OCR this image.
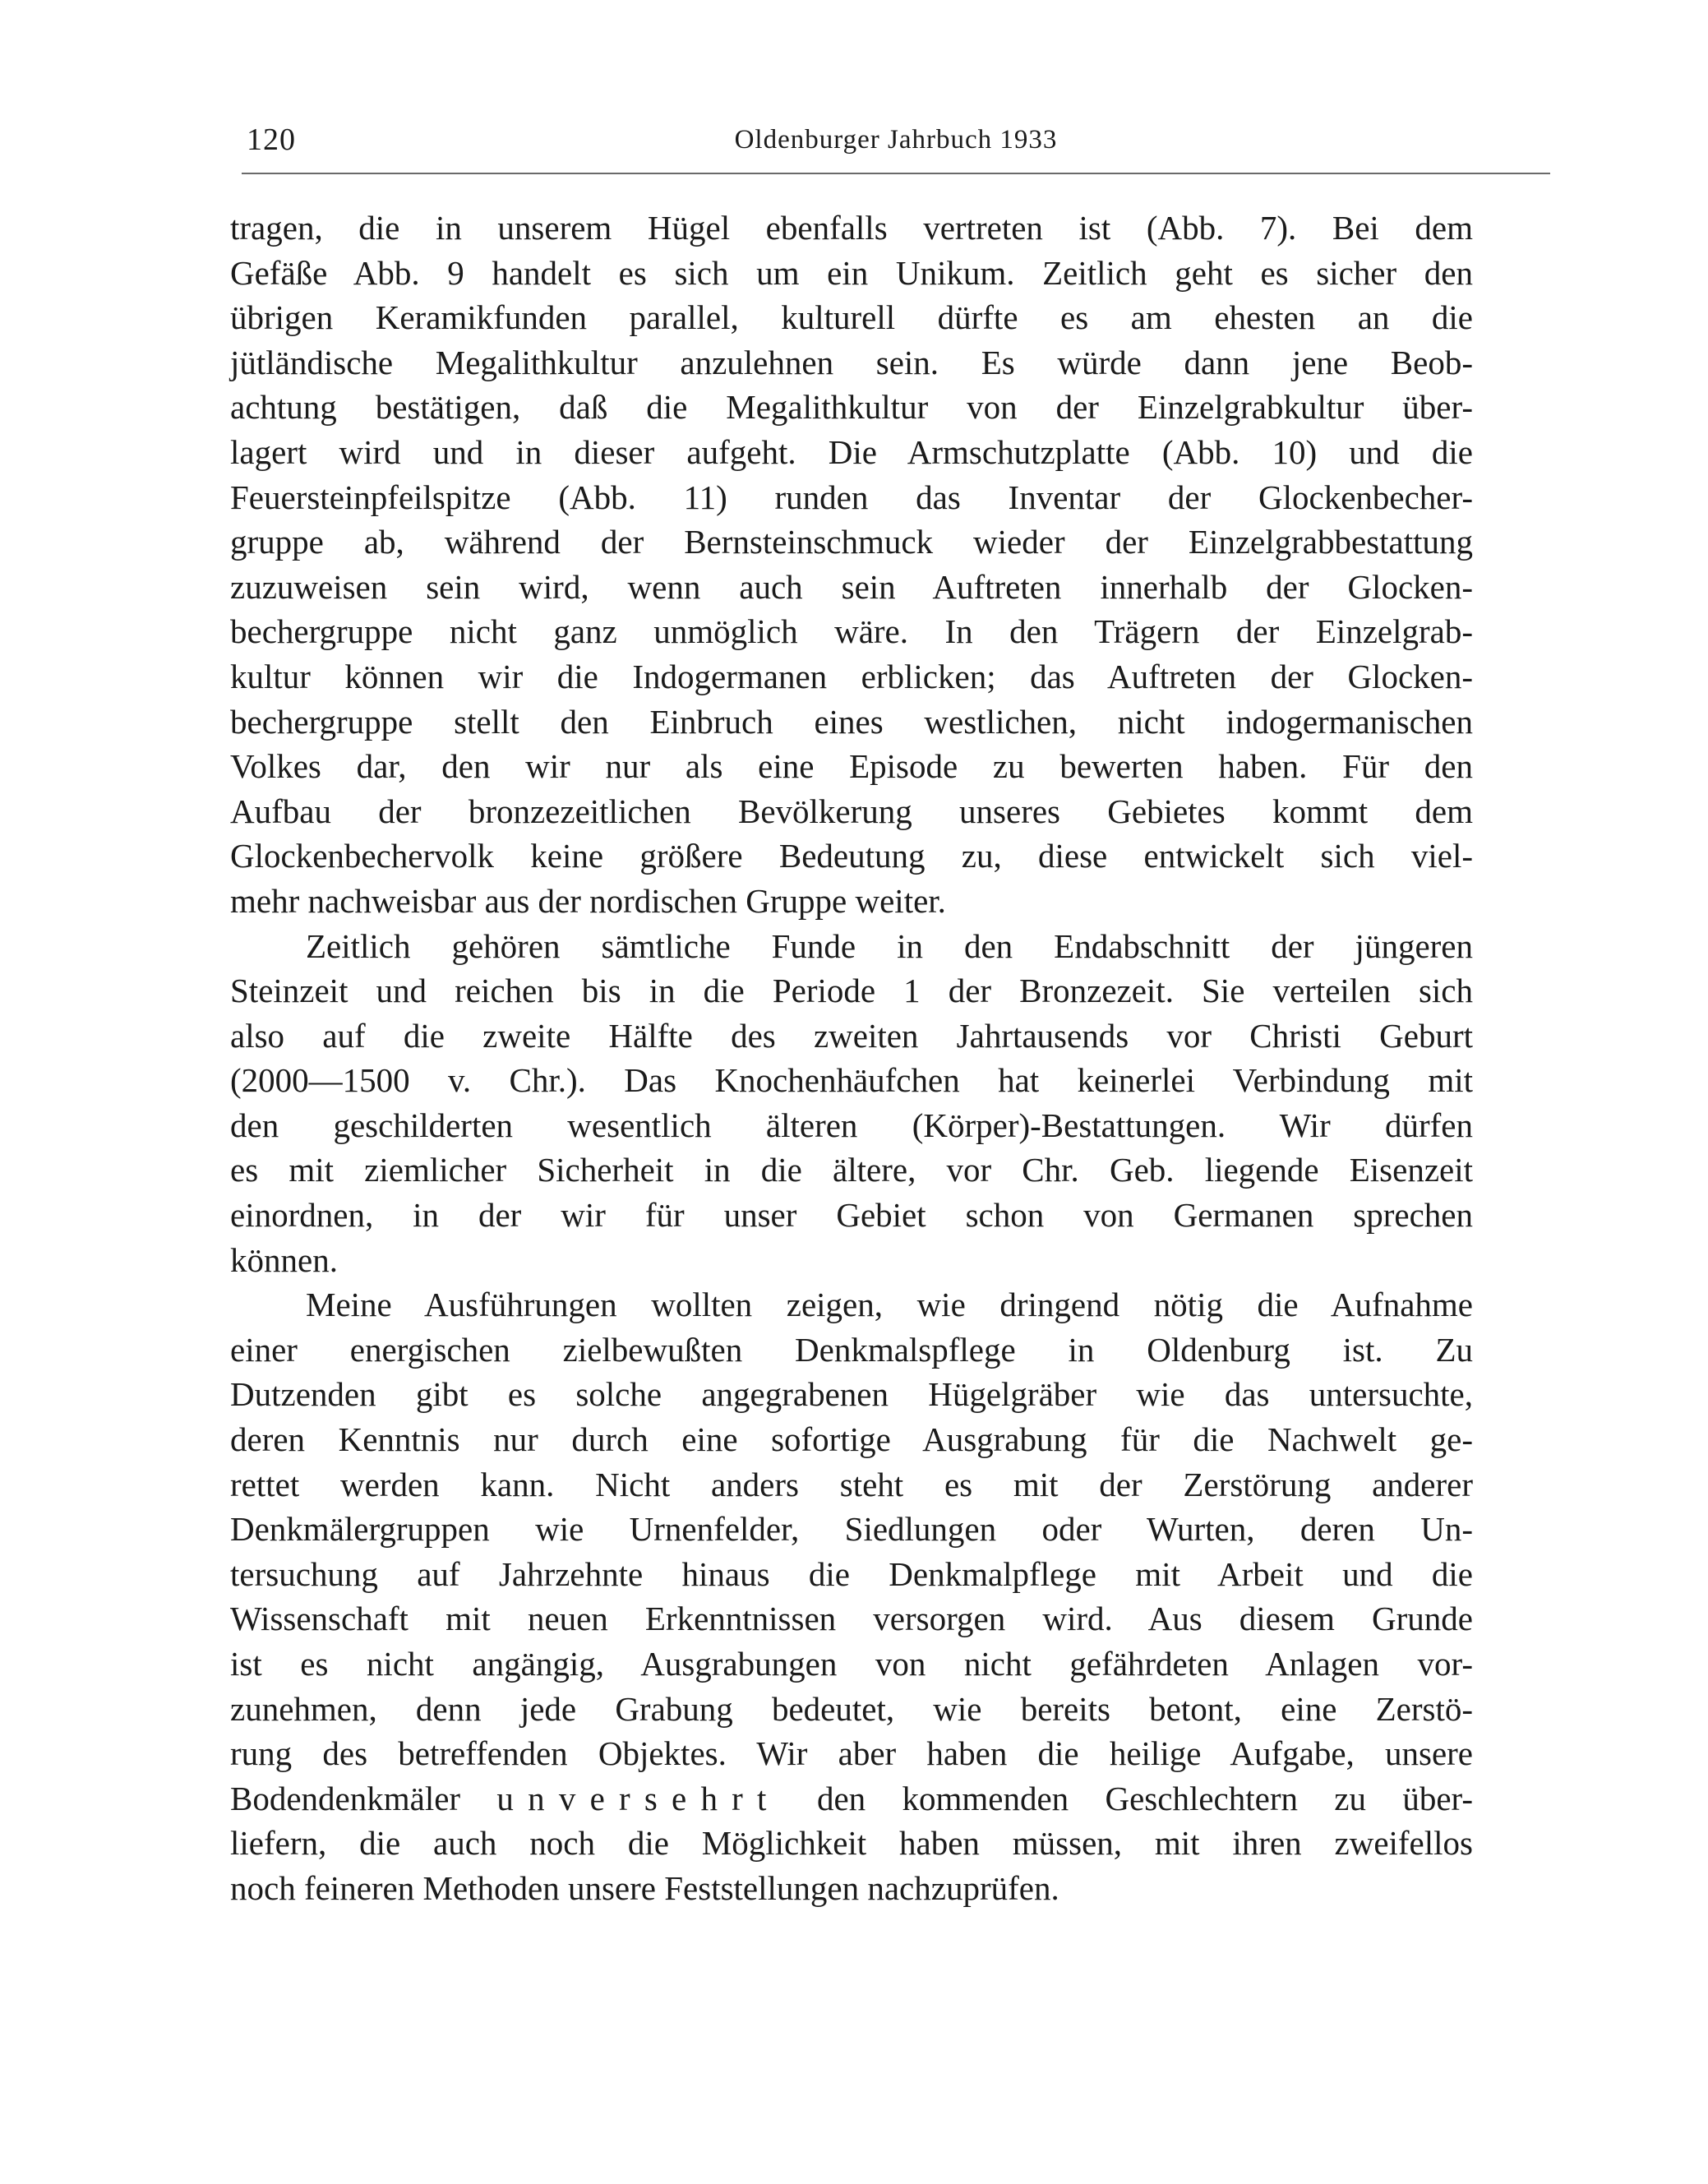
120	Oldenburger Jahrbuch 1933
tragen, die in unserem Hügel ebenfalls vertreten ist (Abb. 7). Bei dem
Gefäße Abb. 9 handelt es sich um ein Unikum. Zeitlich geht es sicher den
übrigen Keramikfunden parallel, kulturell dürfte es am ehesten an die
jütländische Megalithkultur anzulehnen sein. Es würde dann jene Beob-
achtung bestätigen, daß die Megalithkultur von der Einzelgrabkultur über-
lagert wird und in dieser aufgeht. Die Armschutzplatte (Abb. 10) und die
Feuersteinpfeilspitze (Abb. 11) runden das Inventar der Glockenbecher-
gruppe ab, während der Bernsteinschmuck wieder der Einzelgrabbestattung
zuzuweisen sein wird, wenn auch sein Auftreten innerhalb der Glocken-
bechergruppe nicht ganz unmöglich wäre. In den Trägern der Einzelgrab-
kultur können wir die Indogermanen erblicken; das Auftreten der Glocken-
bechergruppe stellt den Einbruch eines westlichen, nicht indogermanischen
Volkes dar, den wir nur als eine Episode zu bewerten haben. Für den
Aufbau der bronzezeitlichen Bevölkerung unseres Gebietes kommt dem
Glockenbechervolk keine größere Bedeutung zu, diese entwickelt sich viel-
mehr nachweisbar aus der nordischen Gruppe weiter.
Zeitlich gehören sämtliche Funde in den Endabschnitt der jüngeren
Steinzeit und reichen bis in die Periode 1 der Bronzezeit. Sie verteilen sich
also auf die zweite Hälfte des zweiten Jahrtausends vor Christi Geburt
(2000—1500 v. Chr.). Das Knochenhäufchen hat keinerlei Verbindung mit
den geschilderten wesentlich älteren (Körper)-Bestattungen. Wir dürfen
es mit ziemlicher Sicherheit in die ältere, vor Chr. Geb. liegende Eisenzeit
einordnen, in der wir für unser Gebiet schon von Germanen sprechen
können.
Meine Ausführungen wollten zeigen, wie dringend nötig die Aufnahme
einer energischen zielbewußten Denkmalspflege in Oldenburg ist. Zu
Dutzenden gibt es solche angegrabenen Hügelgräber wie das untersuchte,
deren Kenntnis nur durch eine sofortige Ausgrabung für die Nachwelt ge-
rettet werden kann. Nicht anders steht es mit der Zerstörung anderer
Denkmälergruppen wie Urnenfelder, Siedlungen oder Wurten, deren Un-
tersuchung auf Jahrzehnte hinaus die Denkmalpflege mit Arbeit und die
Wissenschaft mit neuen Erkenntnissen versorgen wird. Aus diesem Grunde
ist es nicht angängig, Ausgrabungen von nicht gefährdeten Anlagen vor-
zunehmen, denn jede Grabung bedeutet, wie bereits betont, eine Zerstö-
rung des betreffenden Objektes. Wir aber haben die heilige Aufgabe, unsere
Bodendenkmäler unversehrt den kommenden Geschlechtern zu über-
liefern, die auch noch die Möglichkeit haben müssen, mit ihren zweifellos
noch feineren Methoden unsere Feststellungen nachzuprüfen.
